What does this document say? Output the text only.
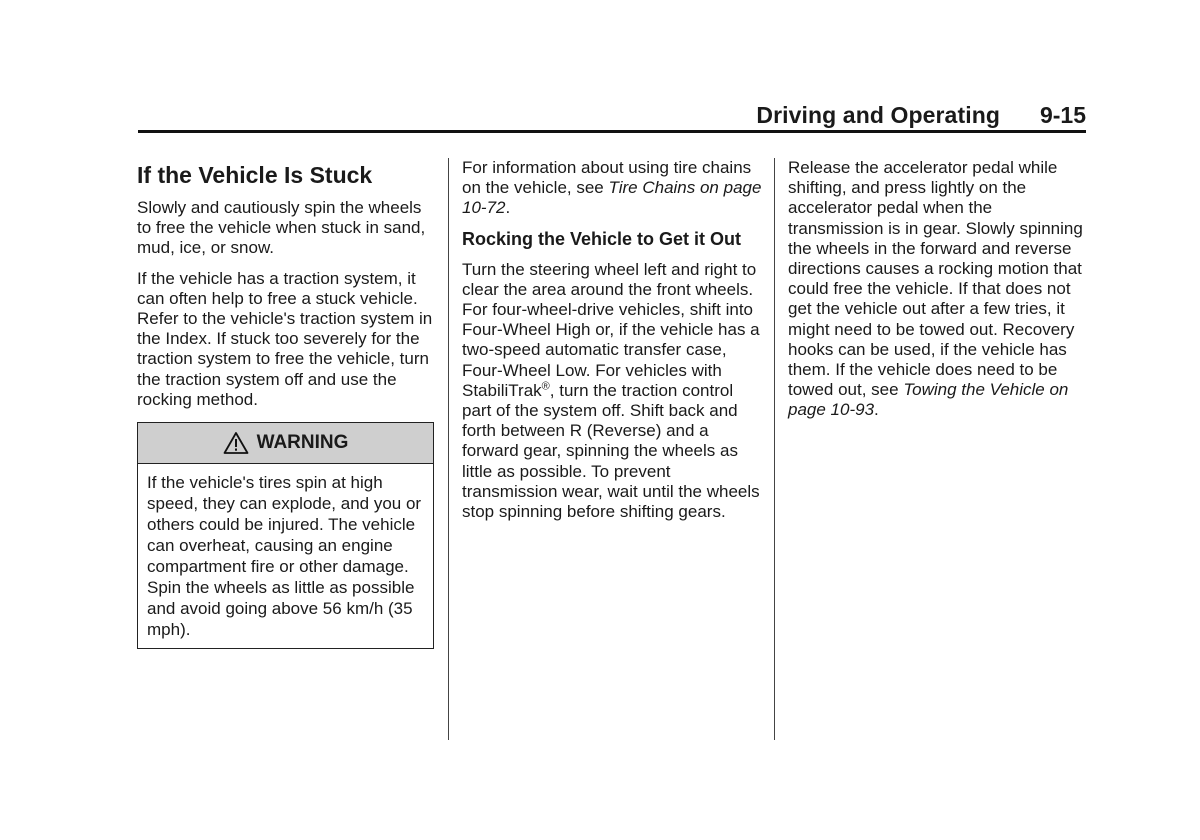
Driving and Operating 9-15
If the Vehicle Is Stuck

Slowly and cautiously spin the wheels to free the vehicle when stuck in sand, mud, ice, or snow.

If the vehicle has a traction system, it can often help to free a stuck vehicle. Refer to the vehicle's traction system in the Index. If stuck too severely for the traction system to free the vehicle, turn the traction system off and use the rocking method.

WARNING
If the vehicle's tires spin at high speed, they can explode, and you or others could be injured. The vehicle can overheat, causing an engine compartment fire or other damage. Spin the wheels as little as possible and avoid going above 56 km/h (35 mph).

For information about using tire chains on the vehicle, see Tire Chains on page 10-72.

Rocking the Vehicle to Get it Out

Turn the steering wheel left and right to clear the area around the front wheels. For four-wheel-drive vehicles, shift into Four-Wheel High or, if the vehicle has a two-speed automatic transfer case, Four-Wheel Low. For vehicles with StabiliTrak®, turn the traction control part of the system off. Shift back and forth between R (Reverse) and a forward gear, spinning the wheels as little as possible. To prevent transmission wear, wait until the wheels stop spinning before shifting gears.

Release the accelerator pedal while shifting, and press lightly on the accelerator pedal when the transmission is in gear. Slowly spinning the wheels in the forward and reverse directions causes a rocking motion that could free the vehicle. If that does not get the vehicle out after a few tries, it might need to be towed out. Recovery hooks can be used, if the vehicle has them. If the vehicle does need to be towed out, see Towing the Vehicle on page 10-93.
